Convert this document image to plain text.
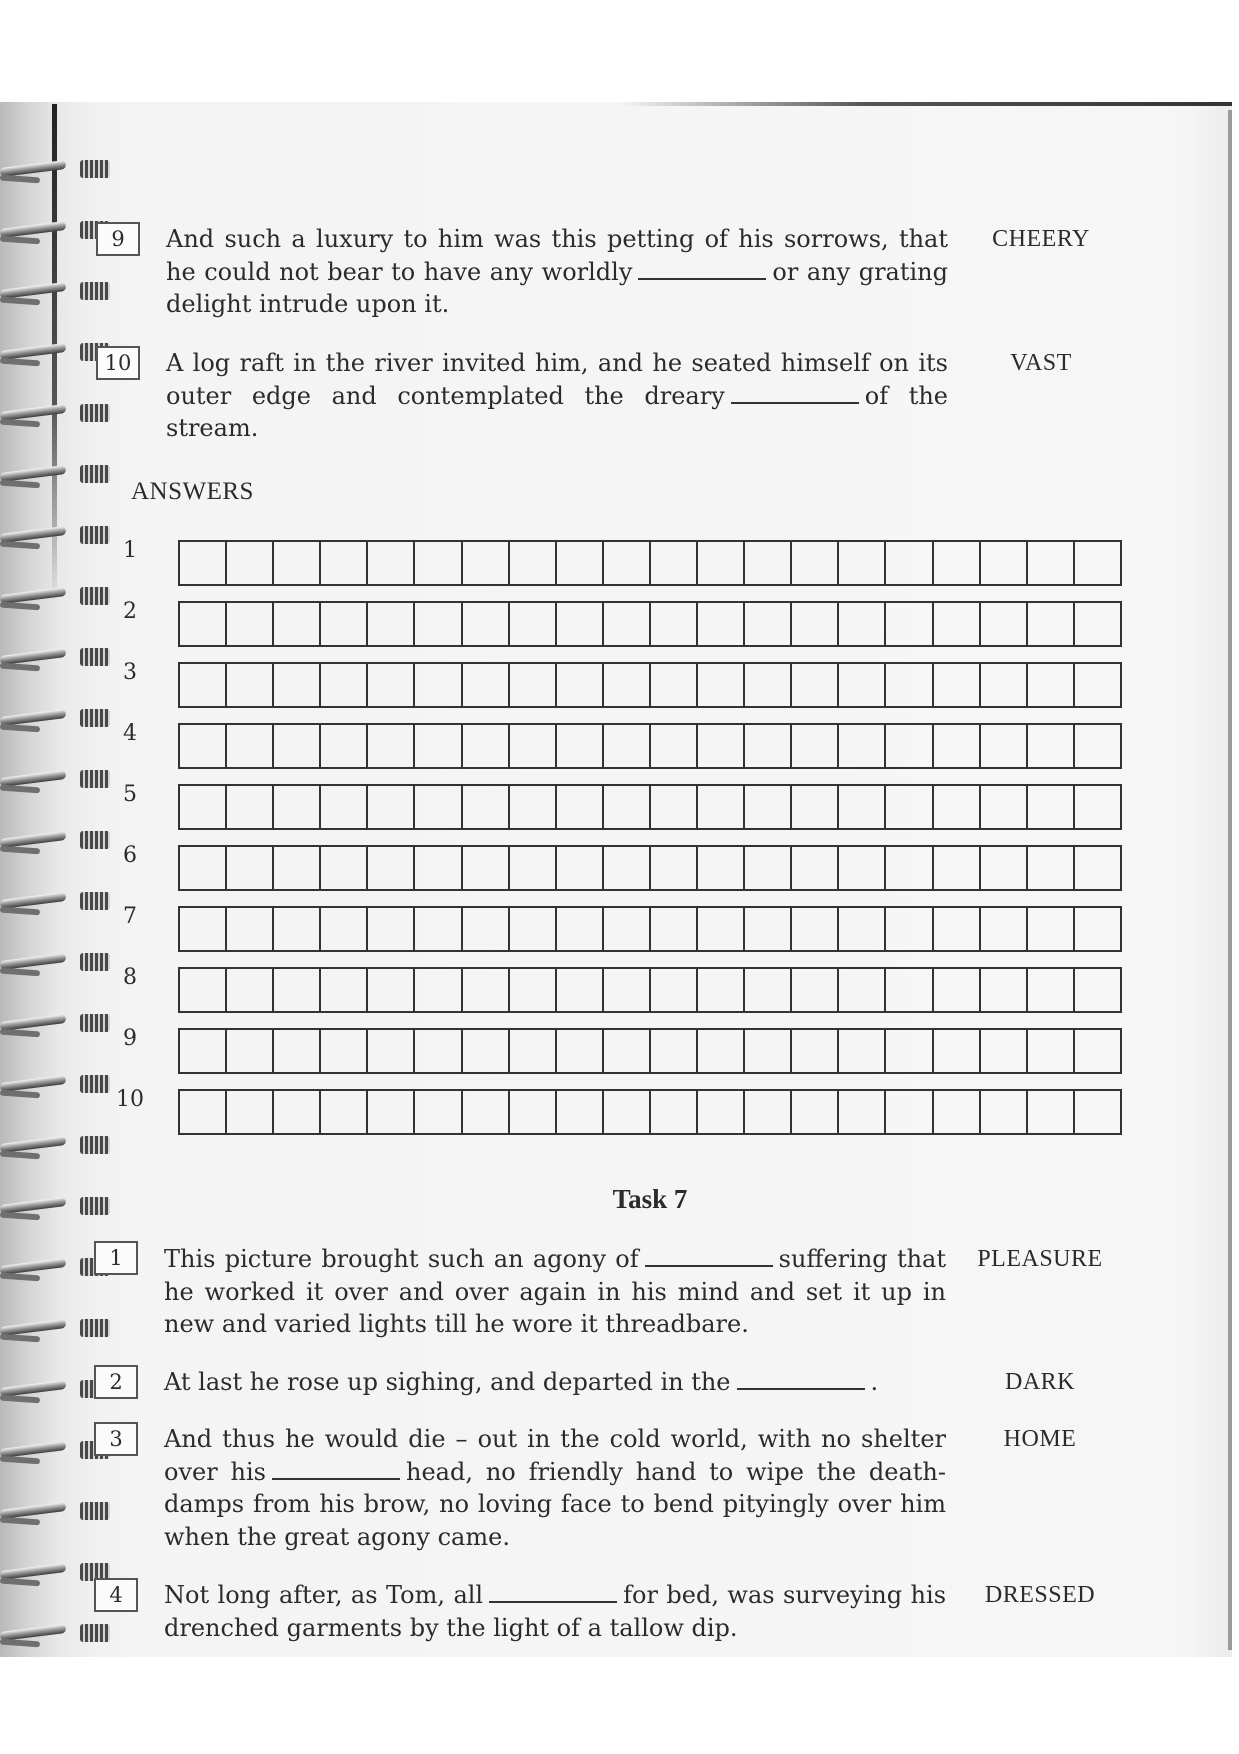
9	And such a luxury to him was this petting of his sorrows, that he could not bear to have any worldly	or any grating delight intrude upon it.
CHEERY
10	A log raft in the river invited him, and he seated himself on its outer edge and contemplated the dreary	of the stream.
VAST
ANSWERS
1
2
3
4
5
6
7
8
9
10
Task 7
1	This picture brought such an agony of	suffering that he worked it over and over again in his mind and set it up in new and varied lights till he wore it threadbare.
PLEASURE
2	At last he rose up sighing, and departed in the	.	DARK
3	And thus he would die – out in the cold world, with no shelter over his	head, no friendly hand to wipe the death-damps from his brow, no loving face to bend pityingly over him when the great agony came.
HOME
4	Not long after, as Tom, all	for bed, was surveying his drenched garments by the light of a tallow dip.
DRESSED
